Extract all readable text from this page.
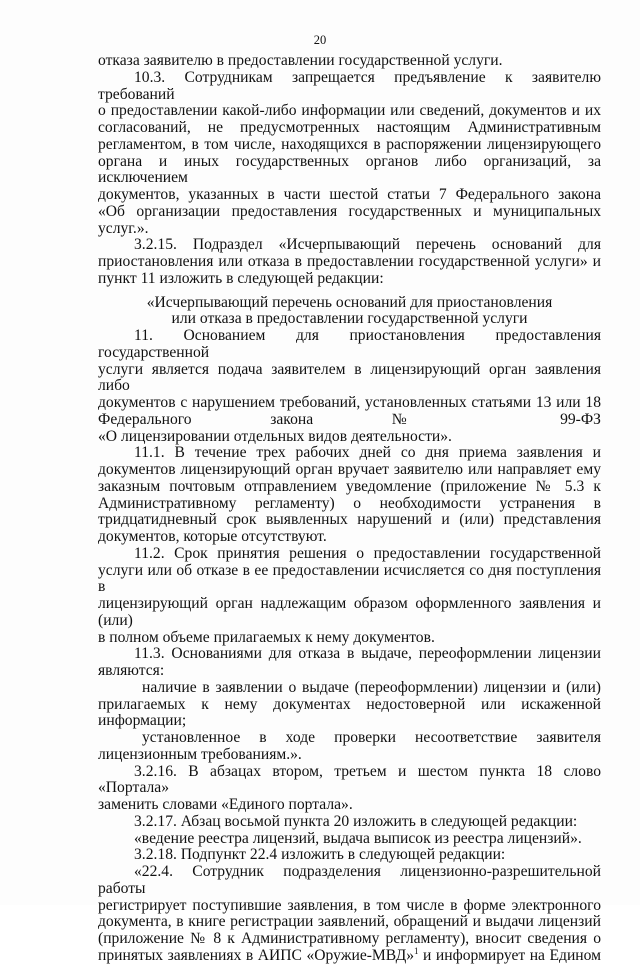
20
отказа заявителю в предоставлении государственной услуги.
10.3. Сотрудникам запрещается предъявление к заявителю требований
о предоставлении какой-либо информации или сведений, документов и их
согласований, не предусмотренных настоящим Административным
регламентом, в том числе, находящихся в распоряжении лицензирующего
органа и иных государственных органов либо организаций, за исключением
документов, указанных в части шестой статьи 7 Федерального закона
«Об организации предоставления государственных и муниципальных
услуг.».
3.2.15. Подраздел «Исчерпывающий перечень оснований для
приостановления или отказа в предоставлении государственной услуги» и
пункт 11 изложить в следующей редакции:
«Исчерпывающий перечень оснований для приостановления
или отказа в предоставлении государственной услуги
11. Основанием для приостановления предоставления государственной
услуги является подача заявителем в лицензирующий орган заявления либо
документов с нарушением требований, установленных статьями 13 или 18
Федерального закона № 99-ФЗ
«О лицензировании отдельных видов деятельности».
11.1. В течение трех рабочих дней со дня приема заявления и
документов лицензирующий орган вручает заявителю или направляет ему
заказным почтовым отправлением уведомление (приложение № 5.3 к
Административному регламенту) о необходимости устранения в
тридцатидневный срок выявленных нарушений и (или) представления
документов, которые отсутствуют.
11.2. Срок принятия решения о предоставлении государственной
услуги или об отказе в ее предоставлении исчисляется со дня поступления в
лицензирующий орган надлежащим образом оформленного заявления и (или)
в полном объеме прилагаемых к нему документов.
11.3. Основаниями для отказа в выдаче, переоформлении лицензии
являются:
наличие в заявлении о выдаче (переоформлении) лицензии и (или)
прилагаемых к нему документах недостоверной или искаженной
информации;
установленное в ходе проверки несоответствие заявителя
лицензионным требованиям.».
3.2.16. В абзацах втором, третьем и шестом пункта 18 слово «Портала»
заменить словами «Единого портала».
3.2.17. Абзац восьмой пункта 20 изложить в следующей редакции:
«ведение реестра лицензий, выдача выписок из реестра лицензий».
3.2.18. Подпункт 22.4 изложить в следующей редакции:
«22.4. Сотрудник подразделения лицензионно-разрешительной работы
регистрирует поступившие заявления, в том числе в форме электронного
документа, в книге регистрации заявлений, обращений и выдачи лицензий
(приложение № 8 к Административному регламенту), вносит сведения о
принятых заявлениях в АИПС «Оружие-МВД»$^1$ и информирует на Едином
